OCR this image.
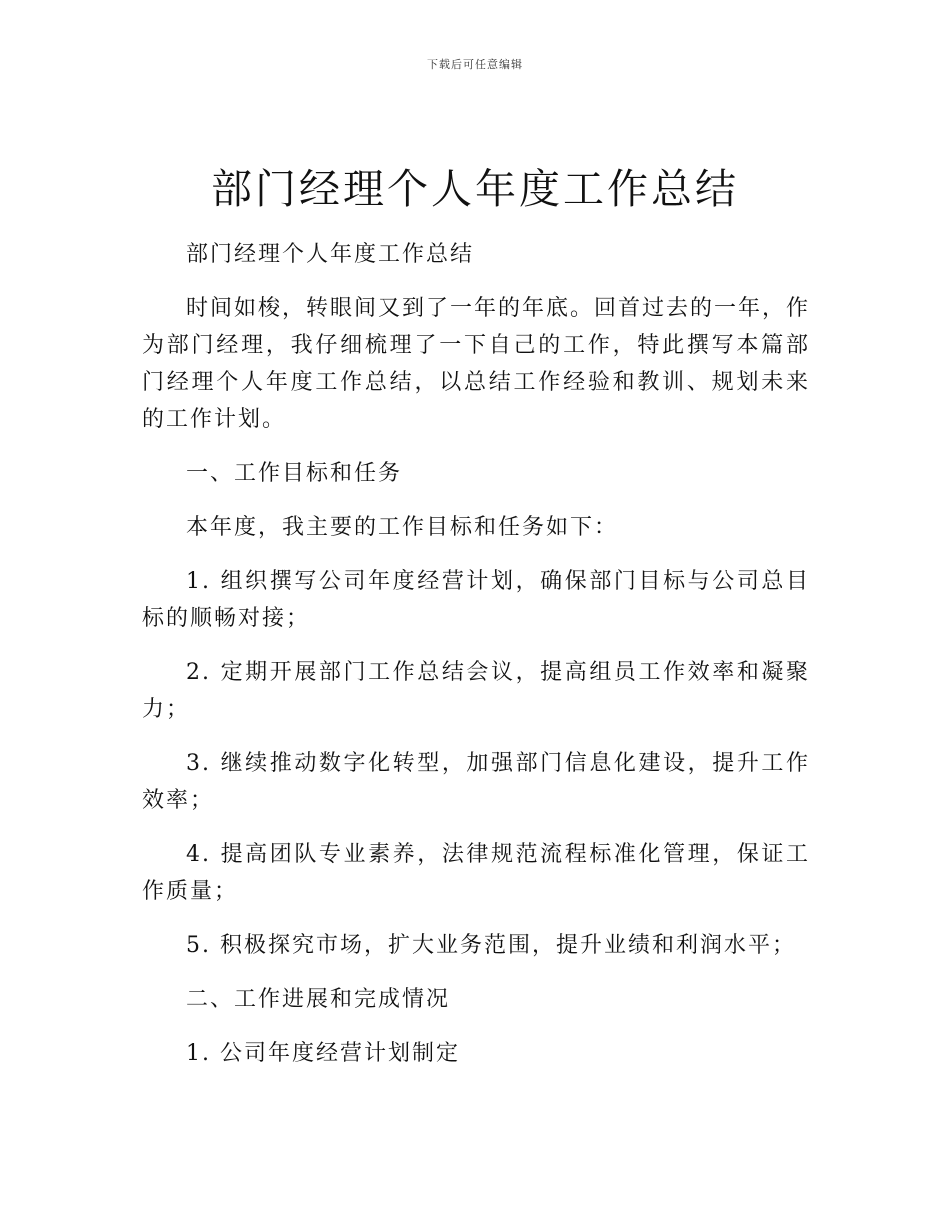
下载后可任意编辑
部门经理个人年度工作总结

部门经理个人年度工作总结

时间如梭，转眼间又到了一年的年底。回首过去的一年，作为部门经理，我仔细梳理了一下自己的工作，特此撰写本篇部门经理个人年度工作总结，以总结工作经验和教训、规划未来的工作计划。

一、工作目标和任务

本年度，我主要的工作目标和任务如下：

1. 组织撰写公司年度经营计划，确保部门目标与公司总目标的顺畅对接；

2. 定期开展部门工作总结会议，提高组员工作效率和凝聚力；

3. 继续推动数字化转型，加强部门信息化建设，提升工作效率；

4. 提高团队专业素养，法律规范流程标准化管理，保证工作质量；

5. 积极探究市场，扩大业务范围，提升业绩和利润水平；

二、工作进展和完成情况

1. 公司年度经营计划制定
